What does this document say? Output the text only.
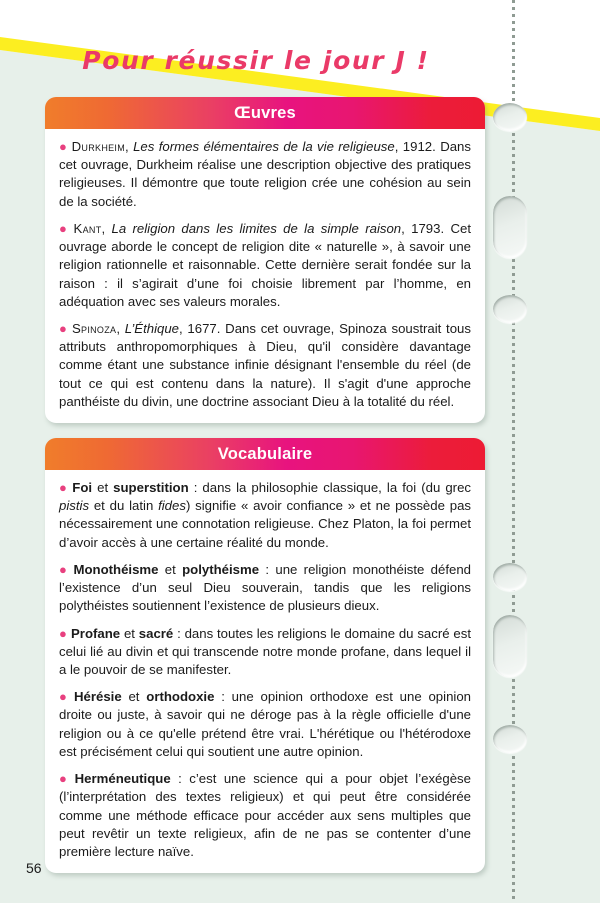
Pour réussir le jour J !
Œuvres

● Durkheim, Les formes élémentaires de la vie religieuse, 1912. Dans cet ouvrage, Durkheim réalise une description objective des pratiques religieuses. Il démontre que toute religion crée une cohésion au sein de la société.

● Kant, La religion dans les limites de la simple raison, 1793. Cet ouvrage aborde le concept de religion dite « naturelle », à savoir une religion rationnelle et raisonnable. Cette dernière serait fondée sur la raison : il s’agirait d’une foi choisie librement par l’homme, en adéquation avec ses valeurs morales.

● Spinoza, L’Éthique, 1677. Dans cet ouvrage, Spinoza soustrait tous attributs anthropomorphiques à Dieu, qu'il considère davantage comme étant une substance infinie désignant l'ensemble du réel (de tout ce qui est contenu dans la nature). Il s'agit d'une approche panthéiste du divin, une doctrine associant Dieu à la totalité du réel.

Vocabulaire

● Foi et superstition : dans la philosophie classique, la foi (du grec pistis et du latin fides) signifie « avoir confiance » et ne possède pas nécessairement une connotation religieuse. Chez Platon, la foi permet d’avoir accès à une certaine réalité du monde.

● Monothéisme et polythéisme : une religion monothéiste défend l’existence d’un seul Dieu souverain, tandis que les religions polythéistes soutiennent l’existence de plusieurs dieux.

● Profane et sacré : dans toutes les religions le domaine du sacré est celui lié au divin et qui transcende notre monde profane, dans lequel il a le pouvoir de se manifester.

● Hérésie et orthodoxie : une opinion orthodoxe est une opinion droite ou juste, à savoir qui ne déroge pas à la règle officielle d'une religion ou à ce qu'elle prétend être vrai. L'hérétique ou l'hétérodoxe est précisément celui qui soutient une autre opinion.

● Herméneutique : c’est une science qui a pour objet l’exégèse (l’interprétation des textes religieux) et qui peut être considérée comme une méthode efficace pour accéder aux sens multiples que peut revêtir un texte religieux, afin de ne pas se contenter d’une première lecture naïve.

56
